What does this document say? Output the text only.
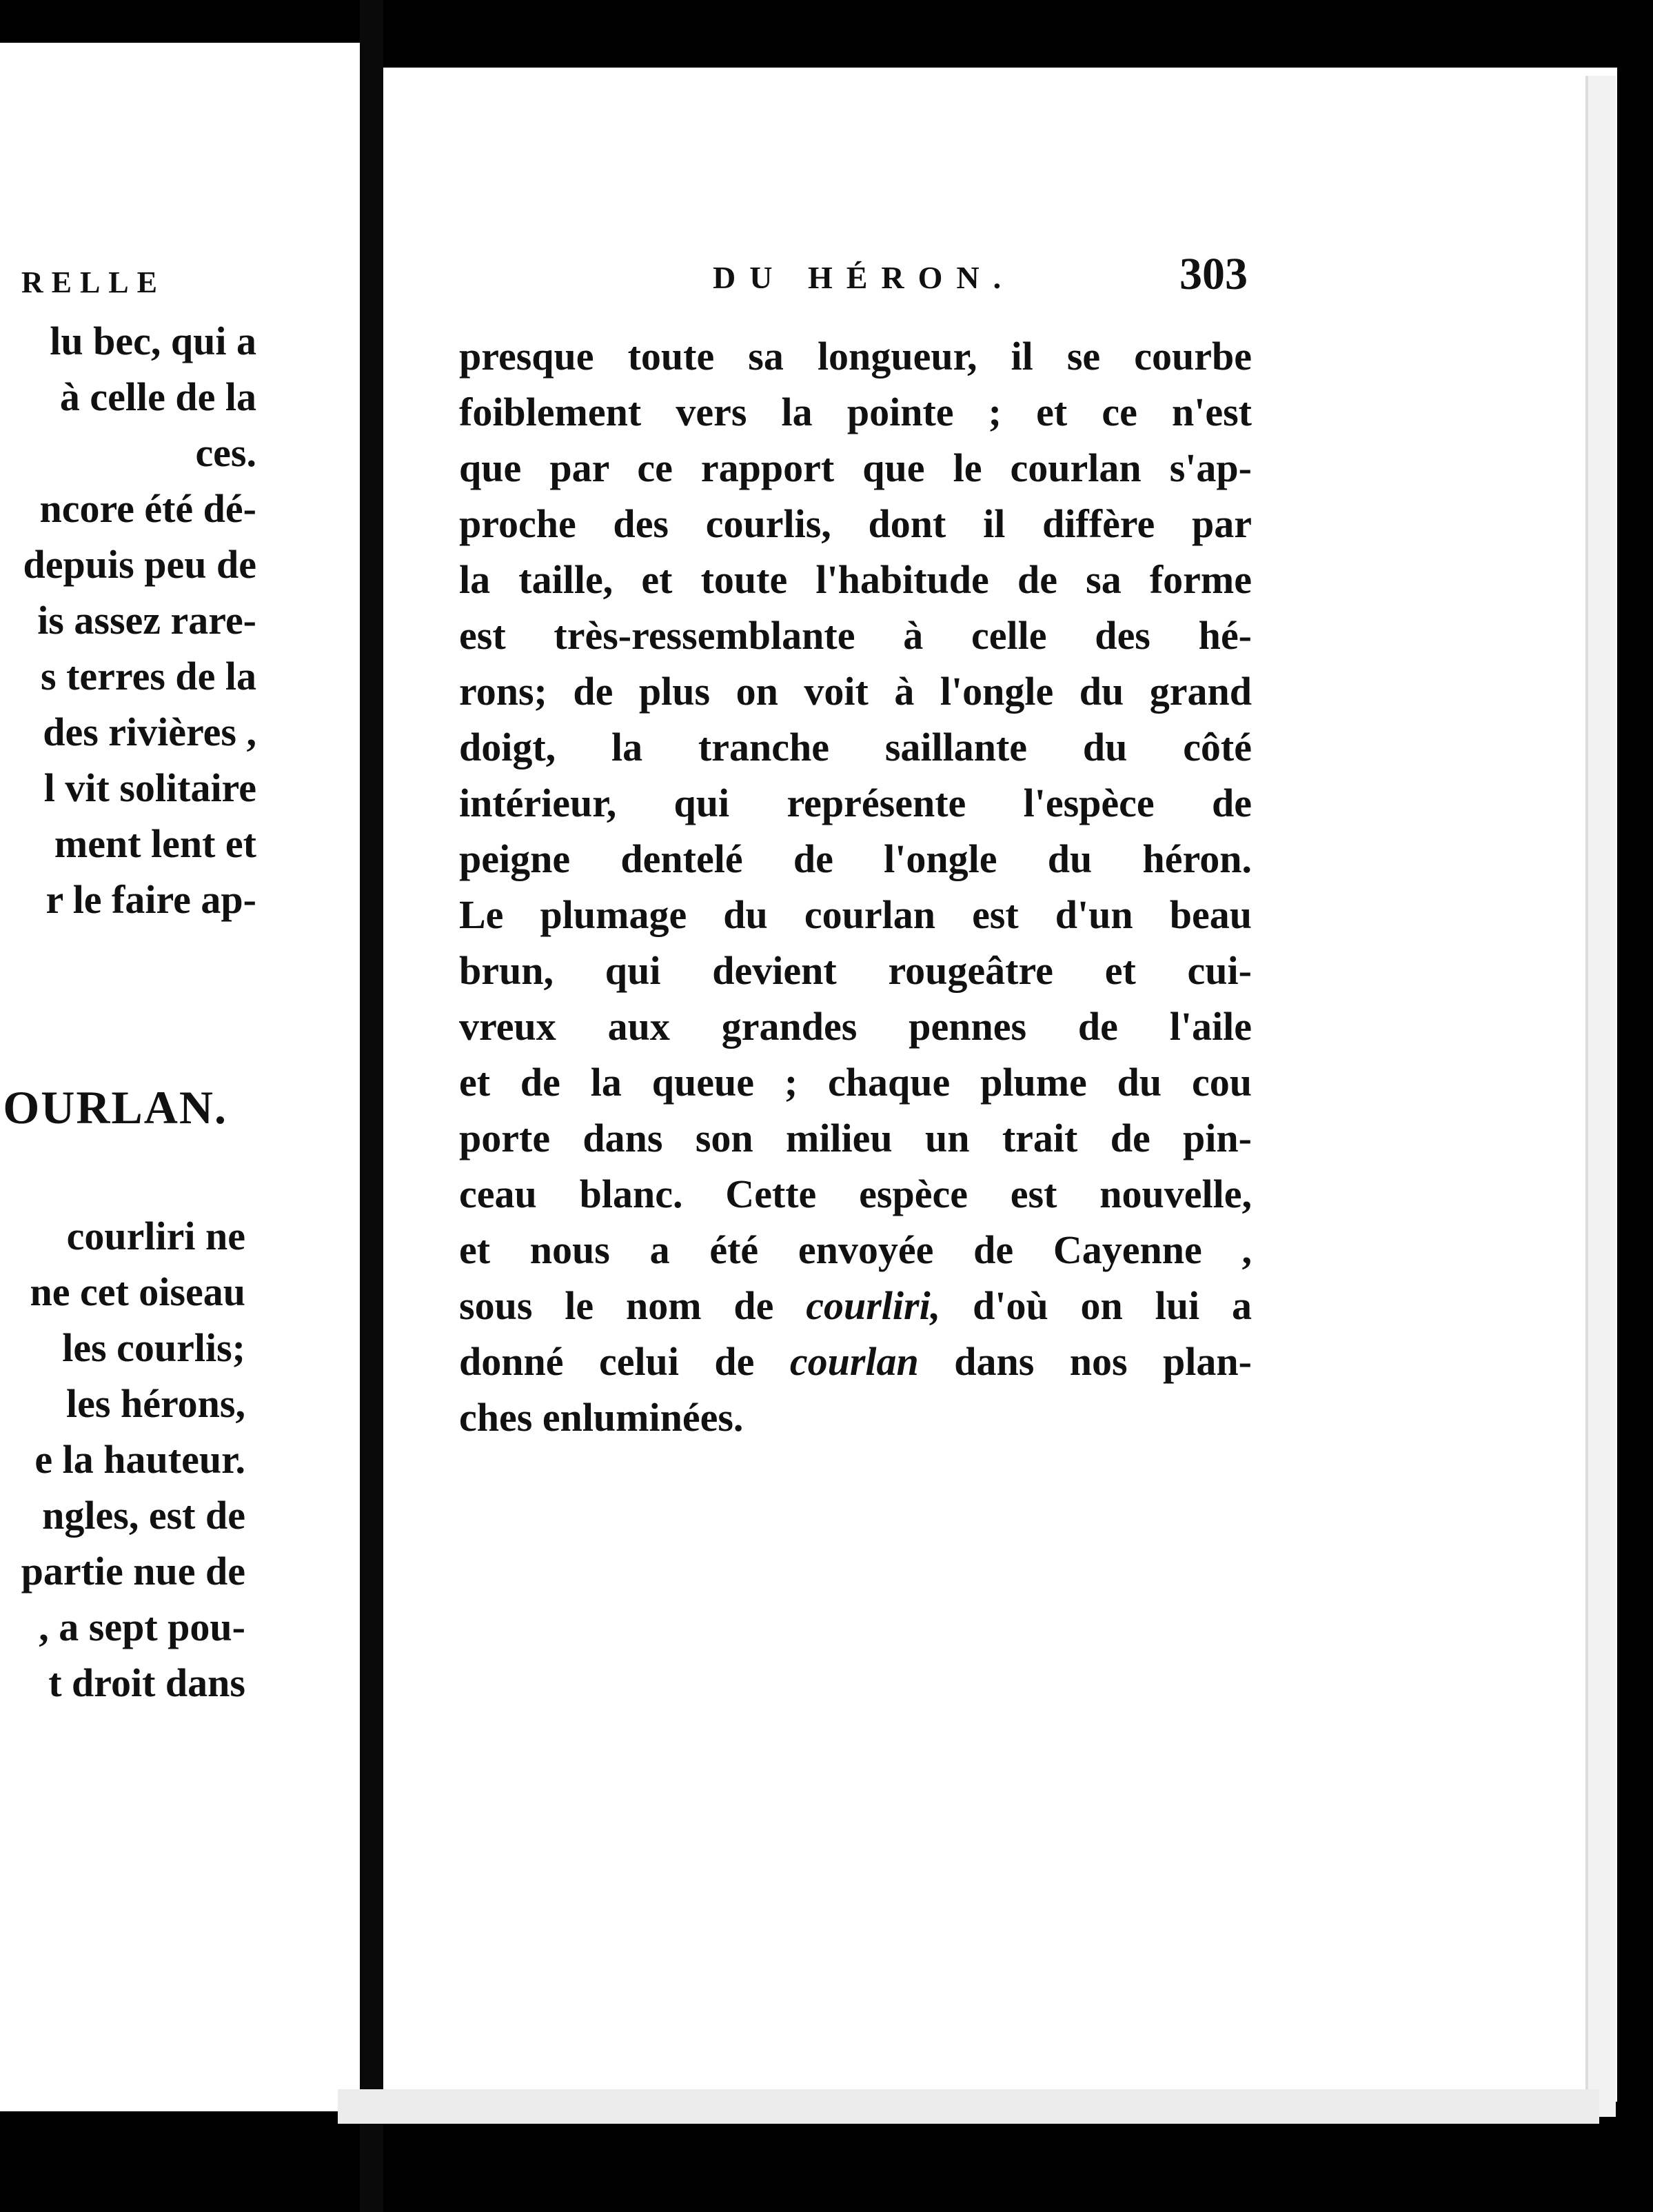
RELLE
lu bec, qui a
à celle de la
ces.
ncore été dé-
depuis peu de
is assez rare-
s terres de la
des rivières ,
l vit solitaire
ment lent et
r le faire ap-
OURLAN.
courliri ne
ne cet oiseau
les courlis;
les hérons,
e la hauteur.
ngles, est de
partie nue de
, a sept pou-
t droit dans
DU HÉRON.	303
presque toute sa longueur, il se courbe
foiblement vers la pointe ; et ce n'est
que par ce rapport que le courlan s'ap-
proche des courlis, dont il diffère par
la taille, et toute l'habitude de sa forme
est très-ressemblante à celle des hé-
rons; de plus on voit à l'ongle du grand
doigt, la tranche saillante du côté
intérieur, qui représente l'espèce de
peigne dentelé de l'ongle du héron.
Le plumage du courlan est d'un beau
brun, qui devient rougeâtre et cui-
vreux aux grandes pennes de l'aile
et de la queue ; chaque plume du cou
porte dans son milieu un trait de pin-
ceau blanc. Cette espèce est nouvelle,
et nous a été envoyée de Cayenne ,
sous le nom de courliri, d'où on lui a
donné celui de courlan dans nos plan-
ches enluminées.
